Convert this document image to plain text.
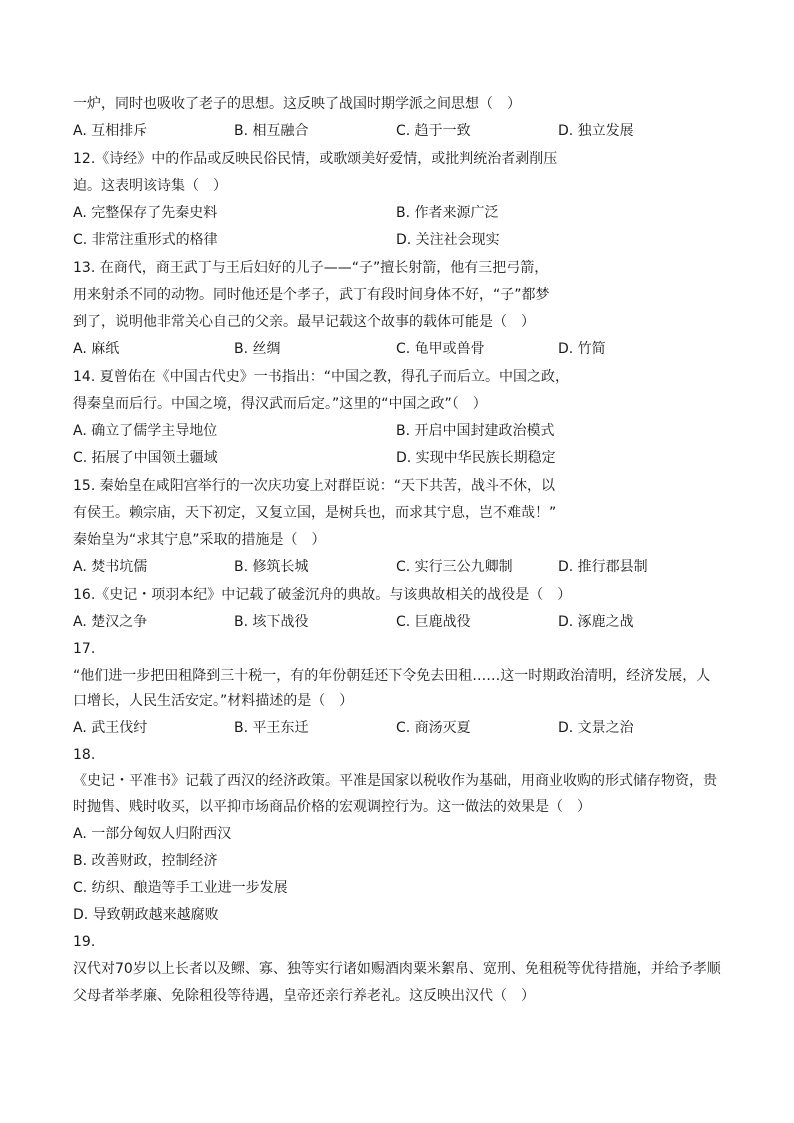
一炉，同时也吸收了老子的思想。这反映了战国时期学派之间思想（　）
A. 互相排斥	B. 相互融合	C. 趋于一致	D. 独立发展
12.《诗经》中的作品或反映民俗民情，或歌颂美好爱情，或批判统治者剥削压
迫。这表明该诗集（　）
A. 完整保存了先秦史料	B. 作者来源广泛
C. 非常注重形式的格律	D. 关注社会现实
13. 在商代，商王武丁与王后妇好的儿子——“子”擅长射箭，他有三把弓箭，
用来射杀不同的动物。同时他还是个孝子，武丁有段时间身体不好，“子”都梦
到了，说明他非常关心自己的父亲。最早记载这个故事的载体可能是（　）
A. 麻纸	B. 丝绸	C. 龟甲或兽骨	D. 竹简
14. 夏曾佑在《中国古代史》一书指出：“中国之教，得孔子而后立。中国之政，
得秦皇而后行。中国之境，得汉武而后定。”这里的“中国之政”（　）
A. 确立了儒学主导地位	B. 开启中国封建政治模式
C. 拓展了中国领土疆域	D. 实现中华民族长期稳定
15. 秦始皇在咸阳宫举行的一次庆功宴上对群臣说：“天下共苦，战斗不休，以
有侯王。赖宗庙，天下初定，又复立国，是树兵也，而求其宁息，岂不难哉！”
秦始皇为“求其宁息”采取的措施是（　）
A. 焚书坑儒	B. 修筑长城	C. 实行三公九卿制	D. 推行郡县制
16.《史记・项羽本纪》中记载了破釜沉舟的典故。与该典故相关的战役是（　）
A. 楚汉之争	B. 垓下战役	C. 巨鹿战役	D. 涿鹿之战
17.
“他们进一步把田租降到三十税一，有的年份朝廷还下令免去田租……这一时期政治清明，经济发展，人
口增长，人民生活安定。”材料描述的是（　）
A. 武王伐纣	B. 平王东迁	C. 商汤灭夏	D. 文景之治
18.
《史记・平准书》记载了西汉的经济政策。平准是国家以税收作为基础，用商业收购的形式储存物资，贵
时抛售、贱时收买，以平抑市场商品价格的宏观调控行为。这一做法的效果是（　）
A. 一部分匈奴人归附西汉
B. 改善财政，控制经济
C. 纺织、酿造等手工业进一步发展
D. 导致朝政越来越腐败
19.
汉代对70岁以上长者以及鳏、寡、独等实行诸如赐酒肉粟米絮帛、宽刑、免租税等优待措施，并给予孝顺
父母者举孝廉、免除租役等待遇，皇帝还亲行养老礼。这反映出汉代（　）
